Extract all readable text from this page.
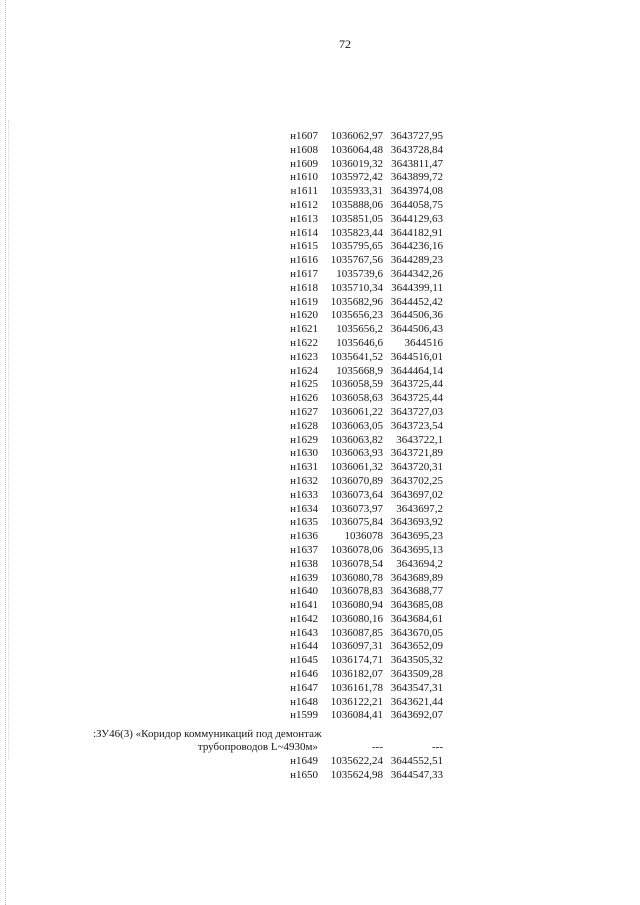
72
н1607 1036062,97 3643727,95
н1608 1036064,48 3643728,84
н1609 1036019,32 3643811,47
н1610 1035972,42 3643899,72
н1611 1035933,31 3643974,08
н1612 1035888,06 3644058,75
н1613 1035851,05 3644129,63
н1614 1035823,44 3644182,91
н1615 1035795,65 3644236,16
н1616 1035767,56 3644289,23
н1617 1035739,6 3644342,26
н1618 1035710,34 3644399,11
н1619 1035682,96 3644452,42
н1620 1035656,23 3644506,36
н1621 1035656,2 3644506,43
н1622 1035646,6 3644516
н1623 1035641,52 3644516,01
н1624 1035668,9 3644464,14
н1625 1036058,59 3643725,44
н1626 1036058,63 3643725,44
н1627 1036061,22 3643727,03
н1628 1036063,05 3643723,54
н1629 1036063,82 3643722,1
н1630 1036063,93 3643721,89
н1631 1036061,32 3643720,31
н1632 1036070,89 3643702,25
н1633 1036073,64 3643697,02
н1634 1036073,97 3643697,2
н1635 1036075,84 3643693,92
н1636 1036078 3643695,23
н1637 1036078,06 3643695,13
н1638 1036078,54 3643694,2
н1639 1036080,78 3643689,89
н1640 1036078,83 3643688,77
н1641 1036080,94 3643685,08
н1642 1036080,16 3643684,61
н1643 1036087,85 3643670,05
н1644 1036097,31 3643652,09
н1645 1036174,71 3643505,32
н1646 1036182,07 3643509,28
н1647 1036161,78 3643547,31
н1648 1036122,21 3643621,44
н1599 1036084,41 3643692,07
:ЗУ46(3) «Коридор коммуникаций под демонтаж
трубопроводов L~4930м»	---	---
н1649 1035622,24 3644552,51
н1650 1035624,98 3644547,33
